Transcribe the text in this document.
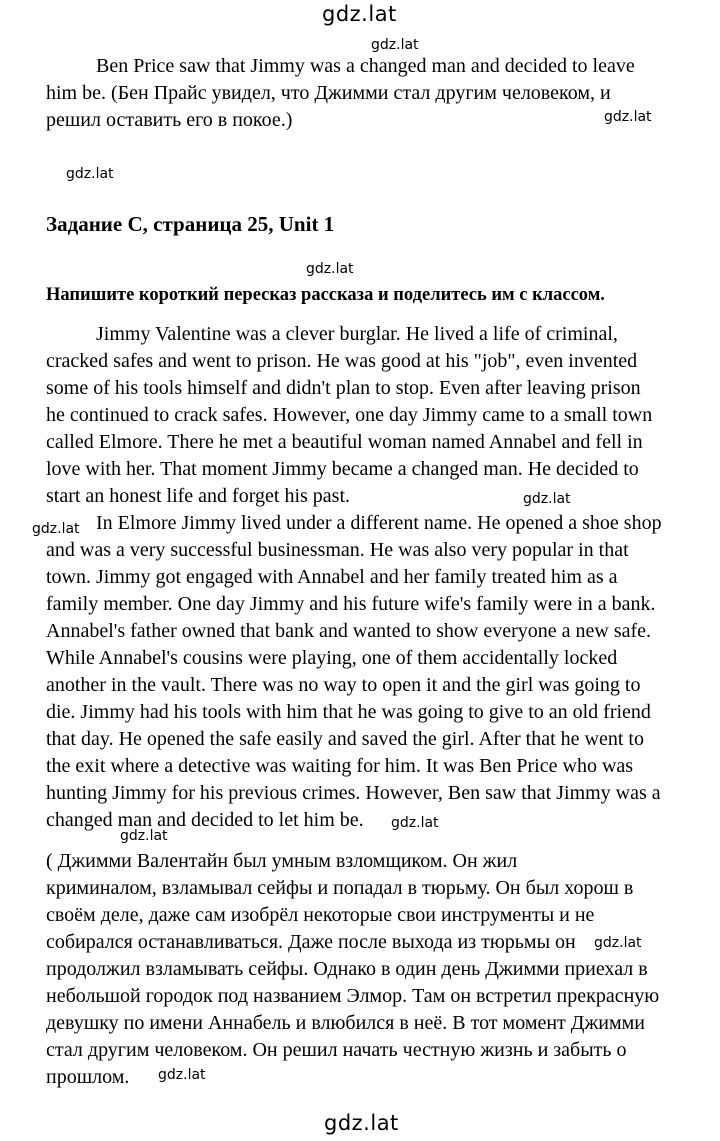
gdz.lat
gdz.lat
gdz.lat
gdz.lat
gdz.lat
gdz.lat
gdz.lat
gdz.lat
gdz.lat
gdz.lat
gdz.lat
gdz.lat
Ben Price saw that Jimmy was a changed man and decided to leave
him be. (Бен Прайс увидел, что Джимми стал другим человеком, и
решил оставить его в покое.)
Задание С, страница 25, Unit 1
Напишите короткий пересказ рассказа и поделитесь им с классом.
Jimmy Valentine was a clever burglar. He lived a life of criminal,
cracked safes and went to prison. He was good at his "job", even invented
some of his tools himself and didn't plan to stop. Even after leaving prison
he continued to crack safes. However, one day Jimmy came to a small town
called Elmore. There he met a beautiful woman named Annabel and fell in
love with her. That moment Jimmy became a changed man. He decided to
start an honest life and forget his past.
In Elmore Jimmy lived under a different name. He opened a shoe shop
and was a very successful businessman. He was also very popular in that
town. Jimmy got engaged with Annabel and her family treated him as a
family member. One day Jimmy and his future wife's family were in a bank.
Annabel's father owned that bank and wanted to show everyone a new safe.
While Annabel's cousins were playing, one of them accidentally locked
another in the vault. There was no way to open it and the girl was going to
die. Jimmy had his tools with him that he was going to give to an old friend
that day. He opened the safe easily and saved the girl. After that he went to
the exit where a detective was waiting for him. It was Ben Price who was
hunting Jimmy for his previous crimes. However, Ben saw that Jimmy was a
changed man and decided to let him be.
( Джимми Валентайн был умным взломщиком. Он жил
криминалом, взламывал сейфы и попадал в тюрьму. Он был хорош в
своём деле, даже сам изобрёл некоторые свои инструменты и не
собирался останавливаться. Даже после выхода из тюрьмы он
продолжил взламывать сейфы. Однако в один день Джимми приехал в
небольшой городок под названием Элмор. Там он встретил прекрасную
девушку по имени Аннабель и влюбился в неё. В тот момент Джимми
стал другим человеком. Он решил начать честную жизнь и забыть о
прошлом.
